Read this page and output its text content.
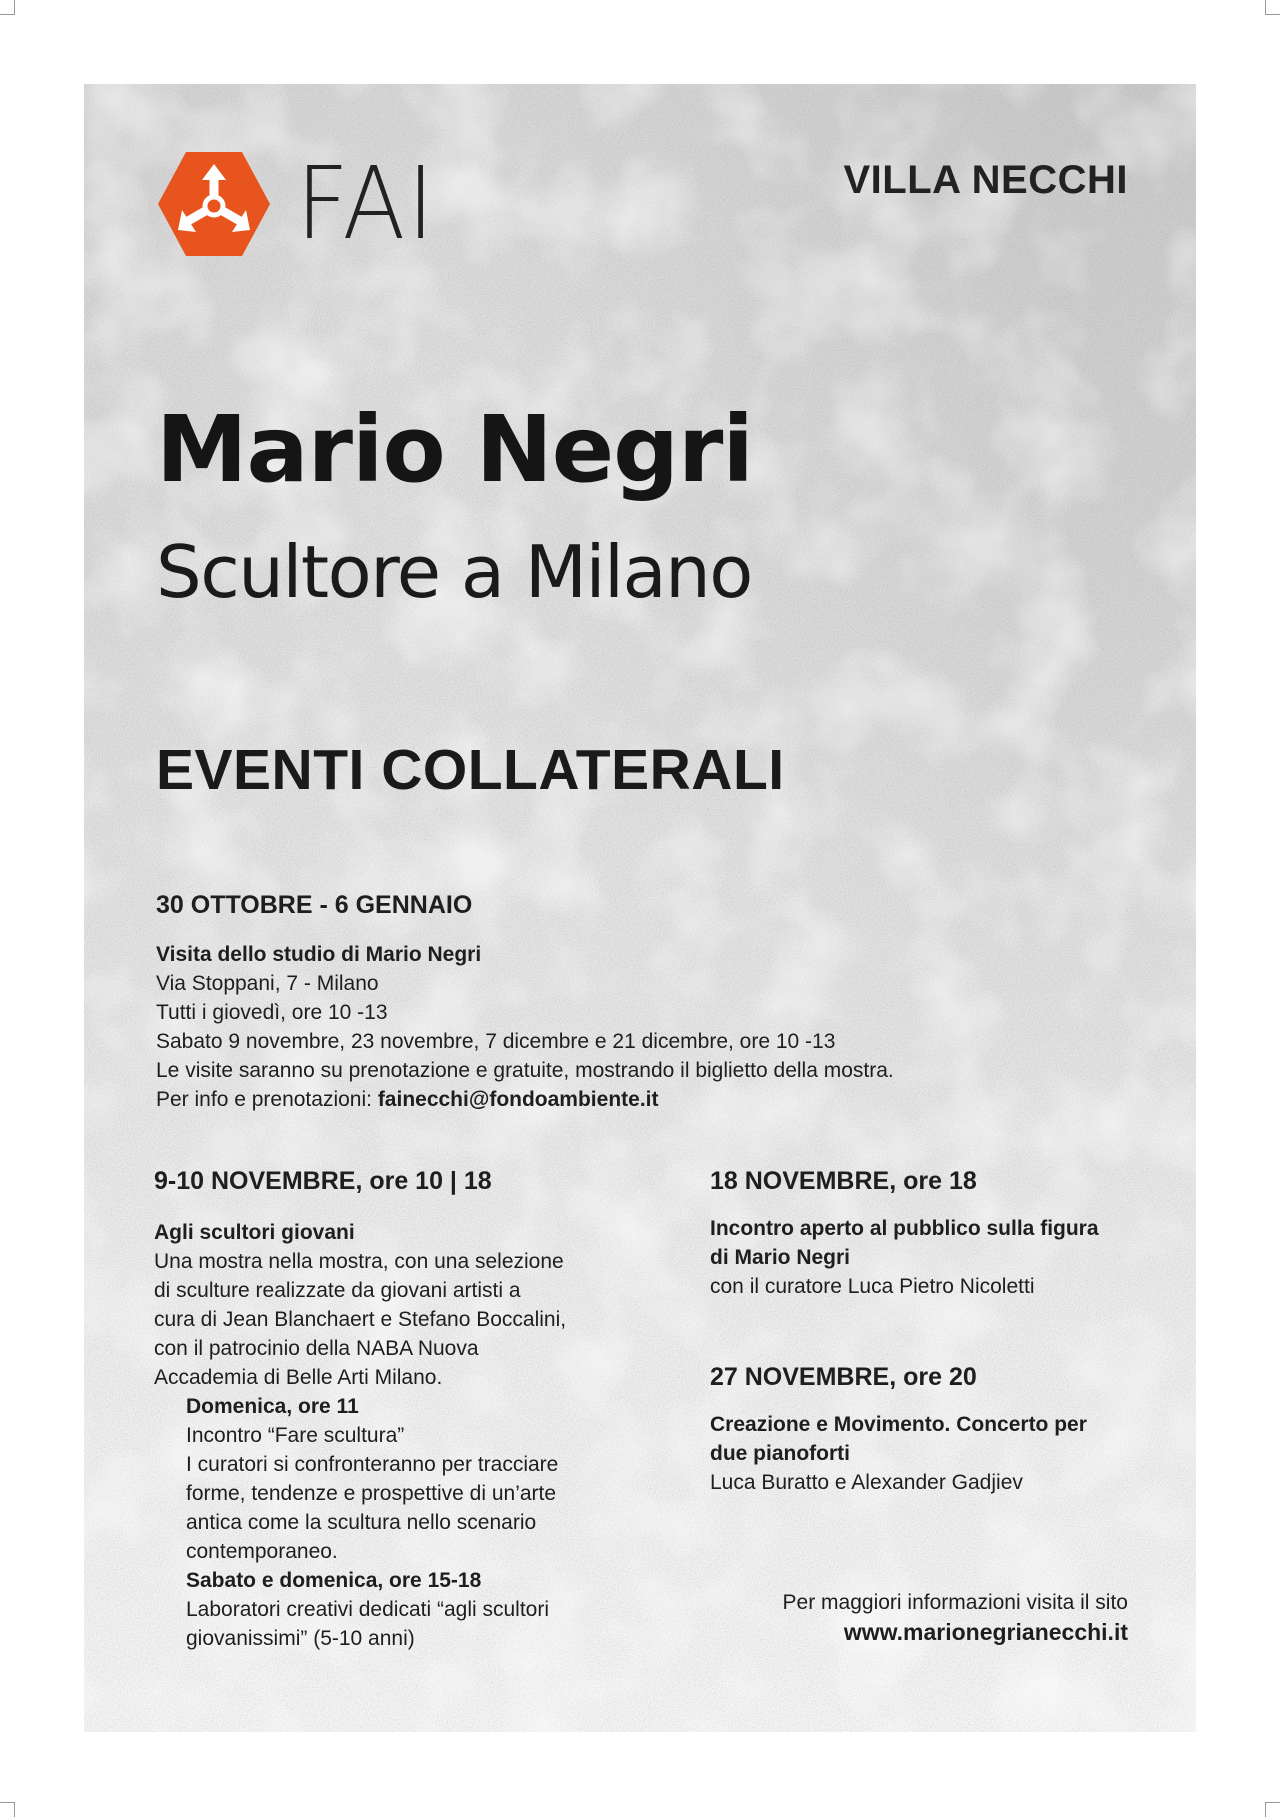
FAI	VILLA NECCHI
Mario Negri
Scultore a Milano
EVENTI COLLATERALI

30 OTTOBRE - 6 GENNAIO

Visita dello studio di Mario Negri

Via Stoppani, 7 - Milano

Tutti i giovedì, ore 10 -13

Sabato 9 novembre, 23 novembre, 7 dicembre e 21 dicembre, ore 10 -13

Le visite saranno su prenotazione e gratuite, mostrando il biglietto della mostra.

Per info e prenotazioni: fainecchi@fondoambiente.it

9-10 NOVEMBRE, ore 10 | 18

Agli scultori giovani

Una mostra nella mostra, con una selezione

di sculture realizzate da giovani artisti a

cura di Jean Blanchaert e Stefano Boccalini,

con il patrocinio della NABA Nuova

Accademia di Belle Arti Milano.

Domenica, ore 11

Incontro “Fare scultura”

I curatori si confronteranno per tracciare

forme, tendenze e prospettive di un’arte

antica come la scultura nello scenario

contemporaneo.

Sabato e domenica, ore 15-18

Laboratori creativi dedicati “agli scultori

giovanissimi” (5-10 anni)

18 NOVEMBRE, ore 18

Incontro aperto al pubblico sulla figura

di Mario Negri

con il curatore Luca Pietro Nicoletti

27 NOVEMBRE, ore 20

Creazione e Movimento. Concerto per

due pianoforti

Luca Buratto e Alexander Gadjiev

Per maggiori informazioni visita il sito
www.marionegrianecchi.it
